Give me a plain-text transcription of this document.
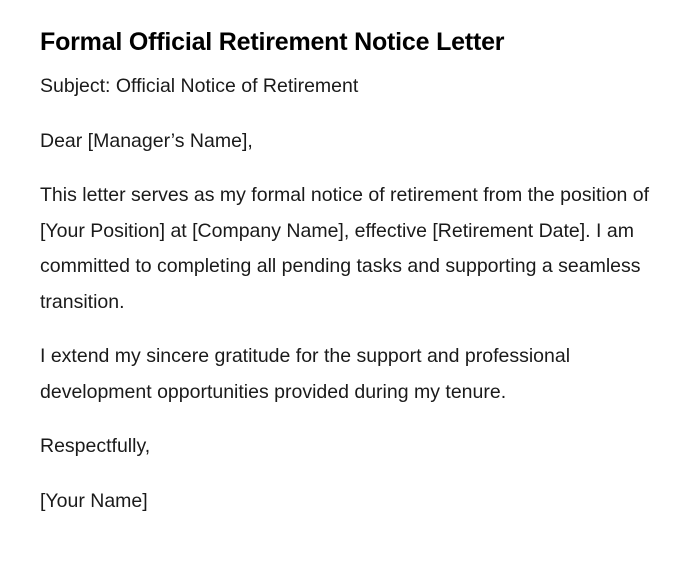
Formal Official Retirement Notice Letter

Subject: Official Notice of Retirement

Dear [Manager’s Name],

This letter serves as my formal notice of retirement from the position of [Your Position] at [Company Name], effective [Retirement Date]. I am committed to completing all pending tasks and supporting a seamless transition.

I extend my sincere gratitude for the support and professional development opportunities provided during my tenure.

Respectfully,

[Your Name]
